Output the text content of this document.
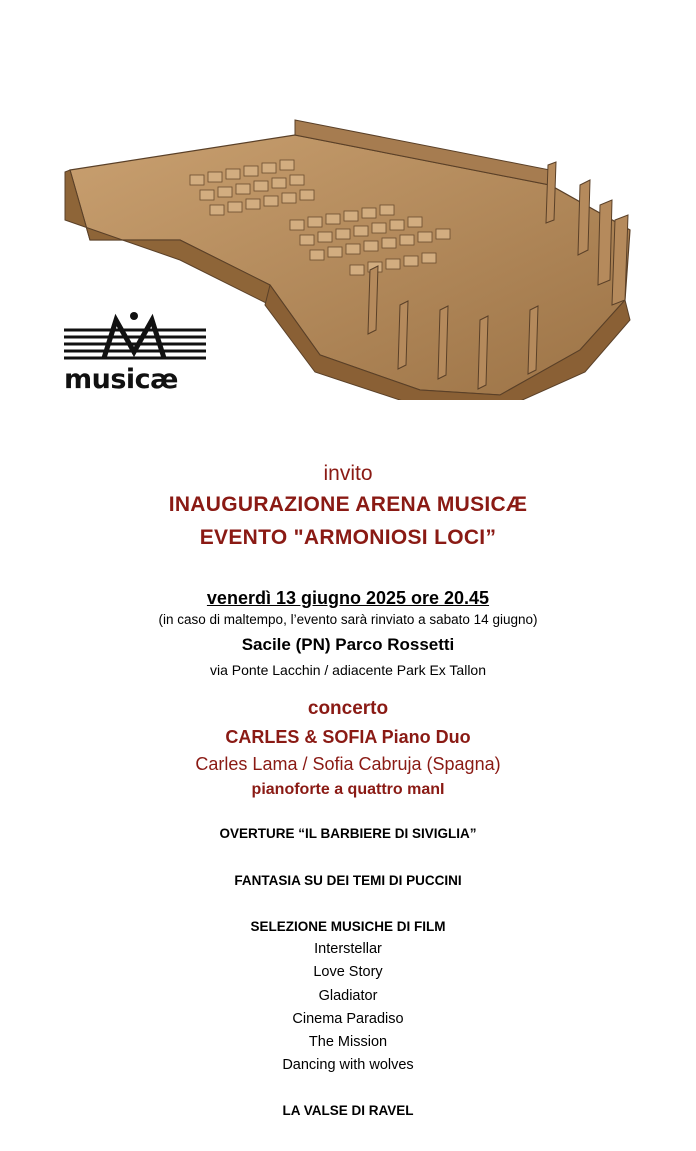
musicæ
invito
INAUGURAZIONE ARENA MUSICÆ
EVENTO "ARMONIOSI LOCI”
venerdì 13 giugno 2025 ore 20.45
(in caso di maltempo, l’evento sarà rinviato a sabato 14 giugno)
Sacile (PN) Parco Rossetti
via Ponte Lacchin / adiacente Park Ex Tallon
concerto
CARLES & SOFIA Piano Duo
Carles Lama / Sofia Cabruja (Spagna)
pianoforte a quattro manI
OVERTURE “IL BARBIERE DI SIVIGLIA”
FANTASIA SU DEI TEMI DI PUCCINI
SELEZIONE MUSICHE DI FILM
Interstellar
Love Story
Gladiator
Cinema Paradiso
The Mission
Dancing with wolves
LA VALSE DI RAVEL
